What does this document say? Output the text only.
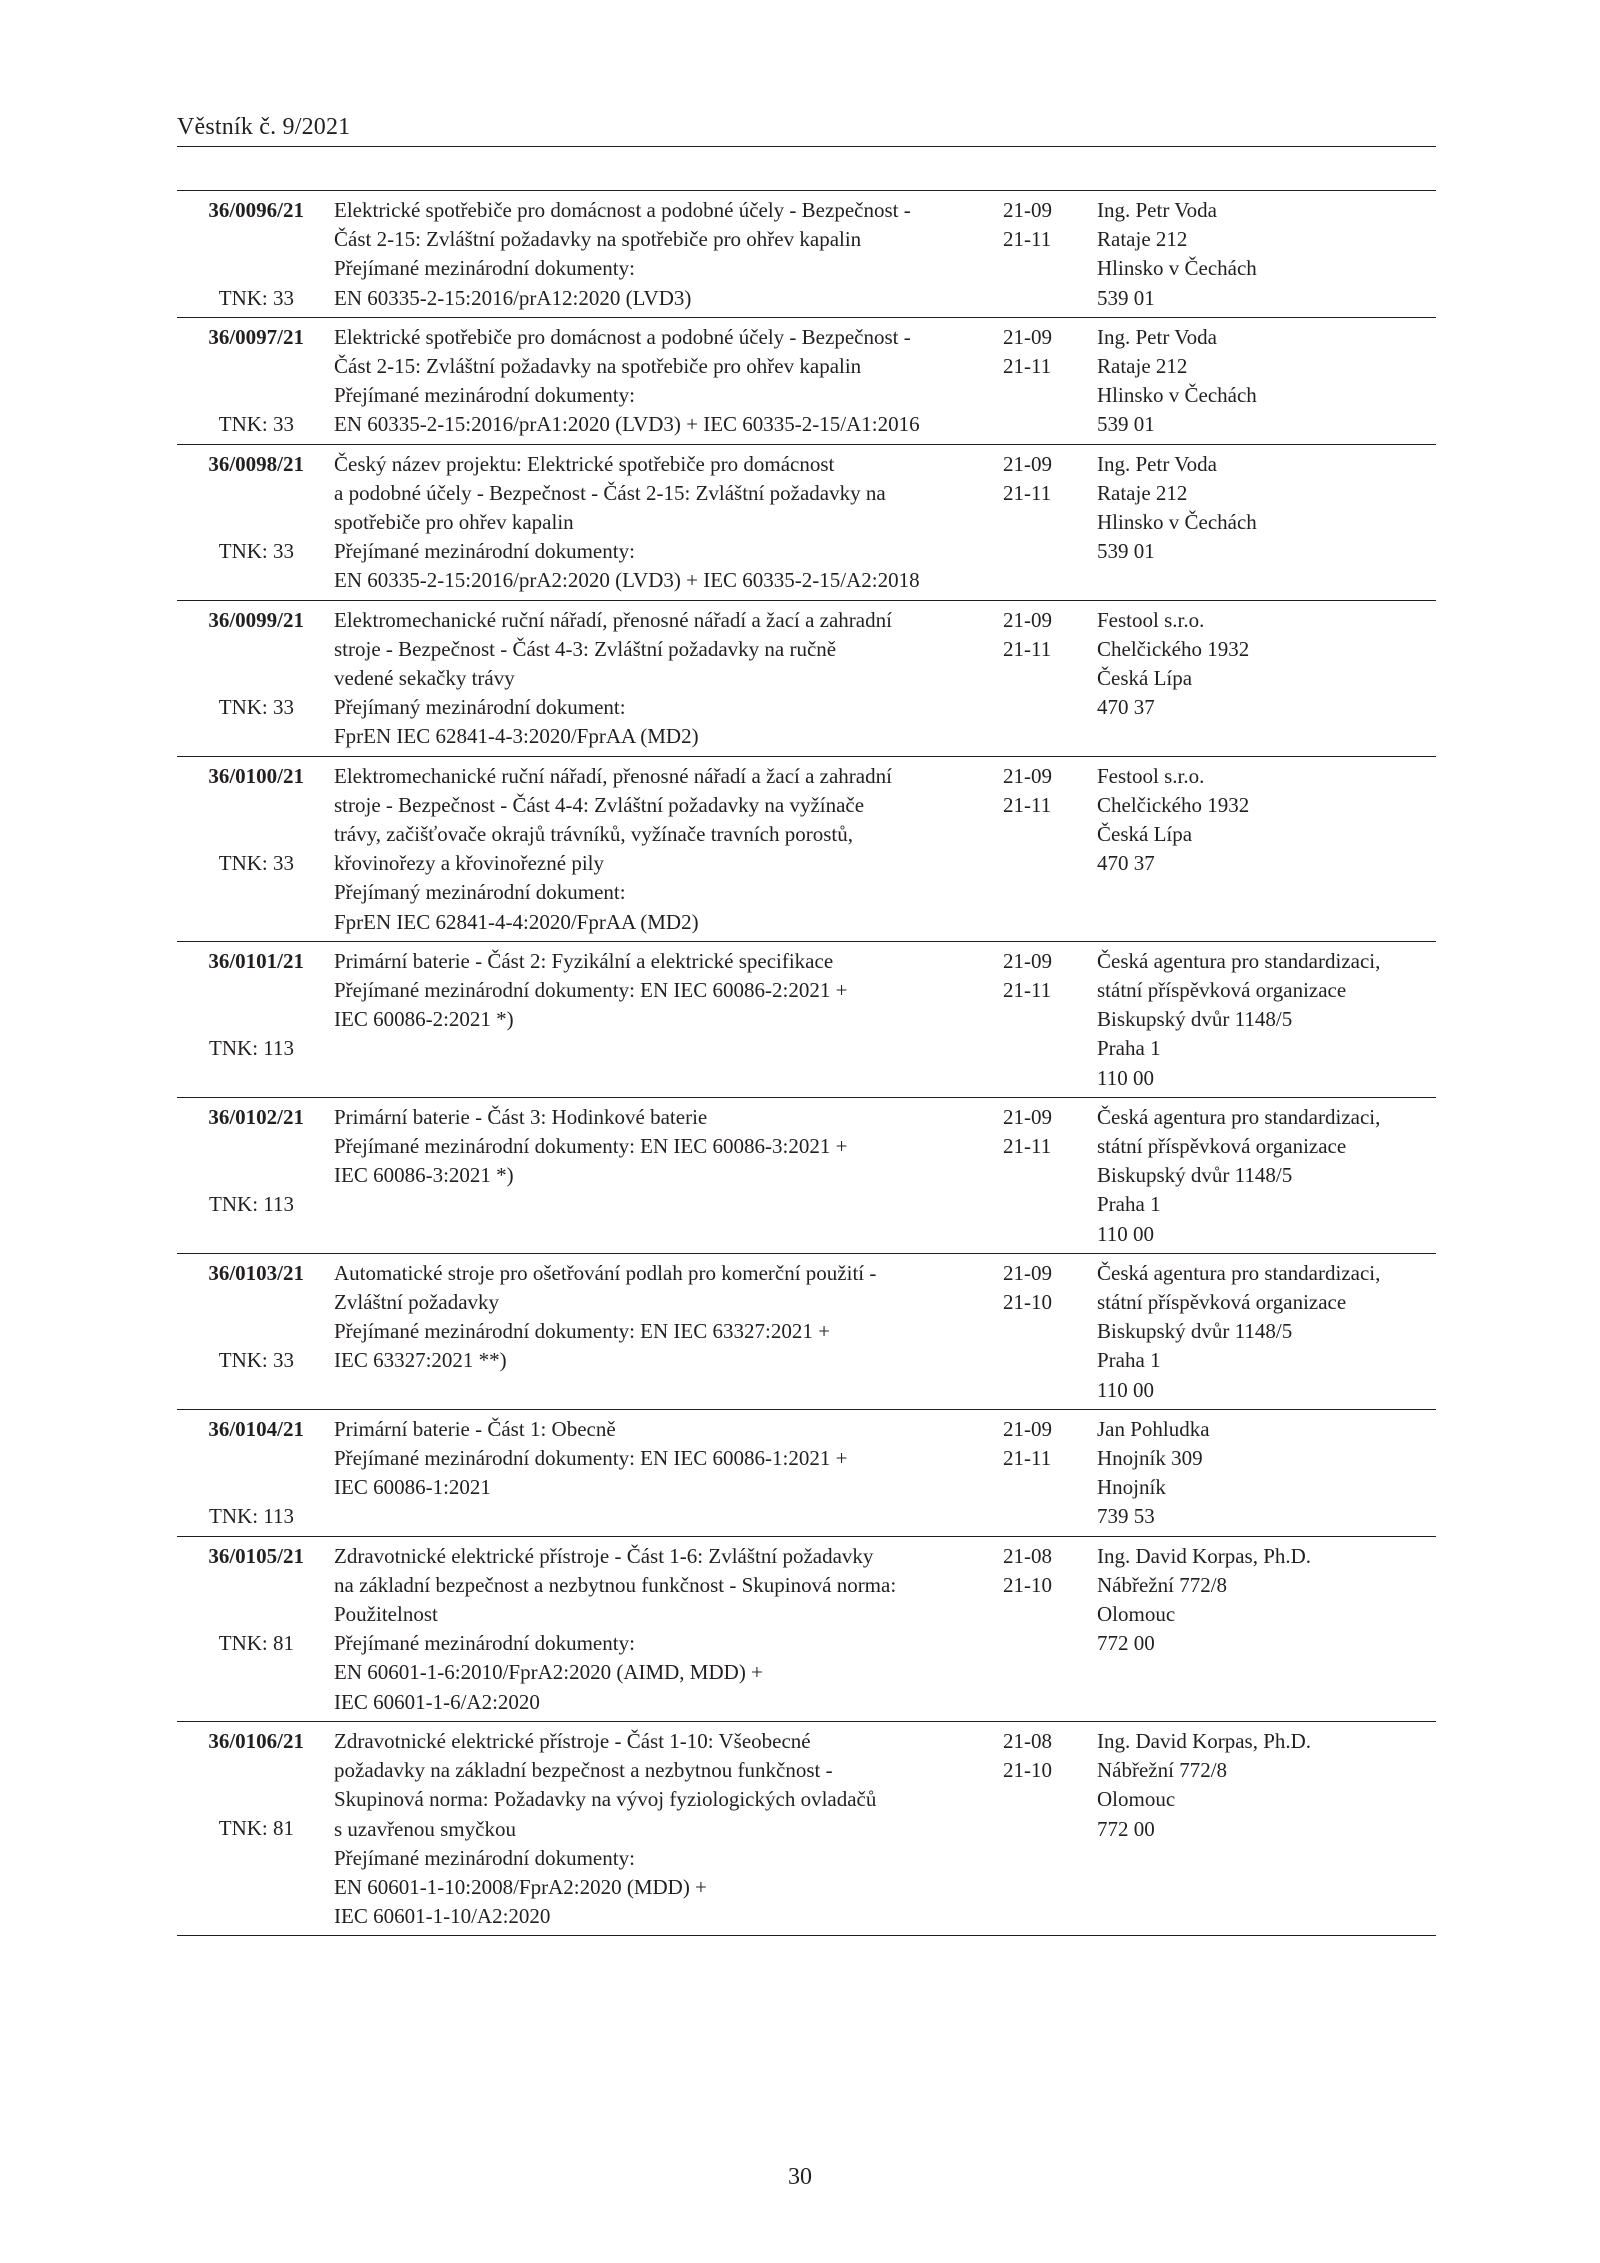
Věstník č. 9/2021
36/0096/21
TNK: 33
Elektrické spotřebiče pro domácnost a podobné účely - Bezpečnost -
Část 2-15: Zvláštní požadavky na spotřebiče pro ohřev kapalin
Přejímané mezinárodní dokumenty:
EN 60335-2-15:2016/prA12:2020 (LVD3)
21-09
21-11
Ing. Petr Voda
Rataje 212
Hlinsko v Čechách
539 01
36/0097/21
TNK: 33
Elektrické spotřebiče pro domácnost a podobné účely - Bezpečnost -
Část 2-15: Zvláštní požadavky na spotřebiče pro ohřev kapalin
Přejímané mezinárodní dokumenty:
EN 60335-2-15:2016/prA1:2020 (LVD3) + IEC 60335-2-15/A1:2016
21-09
21-11
Ing. Petr Voda
Rataje 212
Hlinsko v Čechách
539 01
36/0098/21
TNK: 33
Český název projektu: Elektrické spotřebiče pro domácnost
a podobné účely - Bezpečnost - Část 2-15: Zvláštní požadavky na
spotřebiče pro ohřev kapalin
Přejímané mezinárodní dokumenty:
EN 60335-2-15:2016/prA2:2020 (LVD3) + IEC 60335-2-15/A2:2018
21-09
21-11
Ing. Petr Voda
Rataje 212
Hlinsko v Čechách
539 01
36/0099/21
TNK: 33
Elektromechanické ruční nářadí, přenosné nářadí a žací a zahradní
stroje - Bezpečnost - Část 4-3: Zvláštní požadavky na ručně
vedené sekačky trávy
Přejímaný mezinárodní dokument:
FprEN IEC 62841-4-3:2020/FprAA (MD2)
21-09
21-11
Festool s.r.o.
Chelčického 1932
Česká Lípa
470 37
36/0100/21
TNK: 33
Elektromechanické ruční nářadí, přenosné nářadí a žací a zahradní
stroje - Bezpečnost - Část 4-4: Zvláštní požadavky na vyžínače
trávy, začišťovače okrajů trávníků, vyžínače travních porostů,
křovinořezy a křovinořezné pily
Přejímaný mezinárodní dokument:
FprEN IEC 62841-4-4:2020/FprAA (MD2)
21-09
21-11
Festool s.r.o.
Chelčického 1932
Česká Lípa
470 37
36/0101/21
TNK: 113
Primární baterie - Část 2: Fyzikální a elektrické specifikace
Přejímané mezinárodní dokumenty: EN IEC 60086-2:2021 +
IEC 60086-2:2021 *)
21-09
21-11
Česká agentura pro standardizaci,
státní příspěvková organizace
Biskupský dvůr 1148/5
Praha 1
110 00
36/0102/21
TNK: 113
Primární baterie - Část 3: Hodinkové baterie
Přejímané mezinárodní dokumenty: EN IEC 60086-3:2021 +
IEC 60086-3:2021 *)
21-09
21-11
Česká agentura pro standardizaci,
státní příspěvková organizace
Biskupský dvůr 1148/5
Praha 1
110 00
36/0103/21
TNK: 33
Automatické stroje pro ošetřování podlah pro komerční použití -
Zvláštní požadavky
Přejímané mezinárodní dokumenty: EN IEC 63327:2021 +
IEC 63327:2021 **)
21-09
21-10
Česká agentura pro standardizaci,
státní příspěvková organizace
Biskupský dvůr 1148/5
Praha 1
110 00
36/0104/21
TNK: 113
Primární baterie - Část 1: Obecně
Přejímané mezinárodní dokumenty: EN IEC 60086-1:2021 +
IEC 60086-1:2021
21-09
21-11
Jan Pohludka
Hnojník 309
Hnojník
739 53
36/0105/21
TNK: 81
Zdravotnické elektrické přístroje - Část 1-6: Zvláštní požadavky
na základní bezpečnost a nezbytnou funkčnost - Skupinová norma:
Použitelnost
Přejímané mezinárodní dokumenty:
EN 60601-1-6:2010/FprA2:2020 (AIMD, MDD) +
IEC 60601-1-6/A2:2020
21-08
21-10
Ing. David Korpas, Ph.D.
Nábřežní 772/8
Olomouc
772 00
36/0106/21
TNK: 81
Zdravotnické elektrické přístroje - Část 1-10: Všeobecné
požadavky na základní bezpečnost a nezbytnou funkčnost -
Skupinová norma: Požadavky na vývoj fyziologických ovladačů
s uzavřenou smyčkou
Přejímané mezinárodní dokumenty:
EN 60601-1-10:2008/FprA2:2020 (MDD) +
IEC 60601-1-10/A2:2020
21-08
21-10
Ing. David Korpas, Ph.D.
Nábřežní 772/8
Olomouc
772 00
30
